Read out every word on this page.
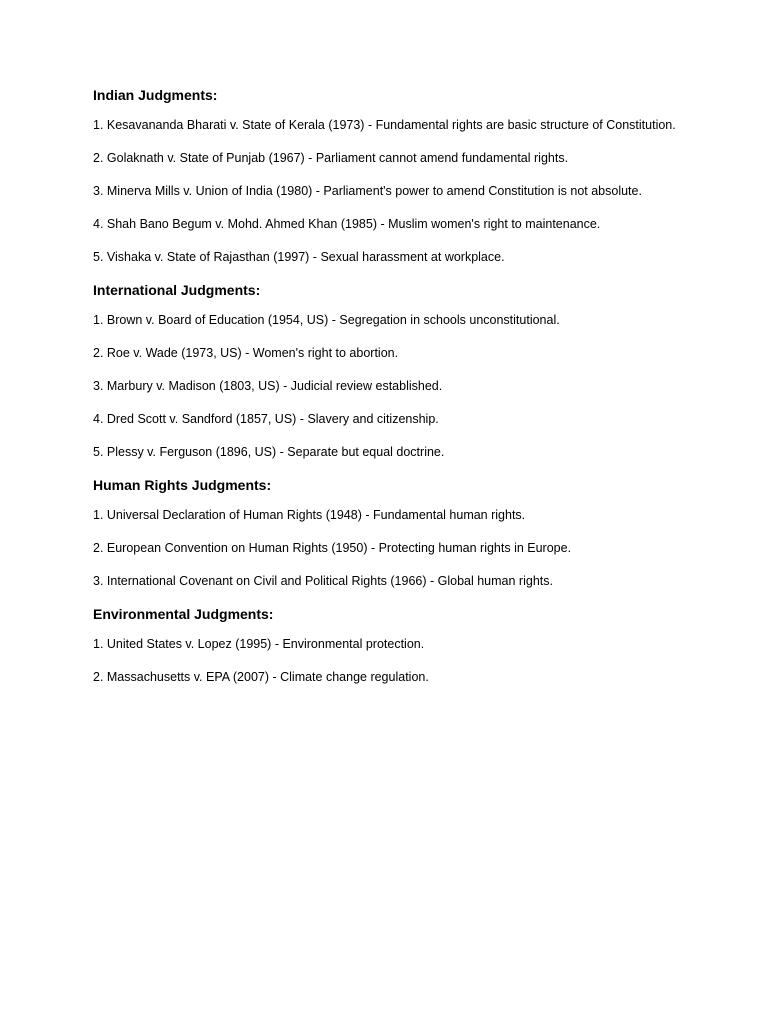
Indian Judgments:
1. Kesavananda Bharati v. State of Kerala (1973) - Fundamental rights are basic structure of Constitution.
2. Golaknath v. State of Punjab (1967) - Parliament cannot amend fundamental rights.
3. Minerva Mills v. Union of India (1980) - Parliament's power to amend Constitution is not absolute.
4. Shah Bano Begum v. Mohd. Ahmed Khan (1985) - Muslim women's right to maintenance.
5. Vishaka v. State of Rajasthan (1997) - Sexual harassment at workplace.
International Judgments:
1. Brown v. Board of Education (1954, US) - Segregation in schools unconstitutional.
2. Roe v. Wade (1973, US) - Women's right to abortion.
3. Marbury v. Madison (1803, US) - Judicial review established.
4. Dred Scott v. Sandford (1857, US) - Slavery and citizenship.
5. Plessy v. Ferguson (1896, US) - Separate but equal doctrine.
Human Rights Judgments:
1. Universal Declaration of Human Rights (1948) - Fundamental human rights.
2. European Convention on Human Rights (1950) - Protecting human rights in Europe.
3. International Covenant on Civil and Political Rights (1966) - Global human rights.
Environmental Judgments:
1. United States v. Lopez (1995) - Environmental protection.
2. Massachusetts v. EPA (2007) - Climate change regulation.
